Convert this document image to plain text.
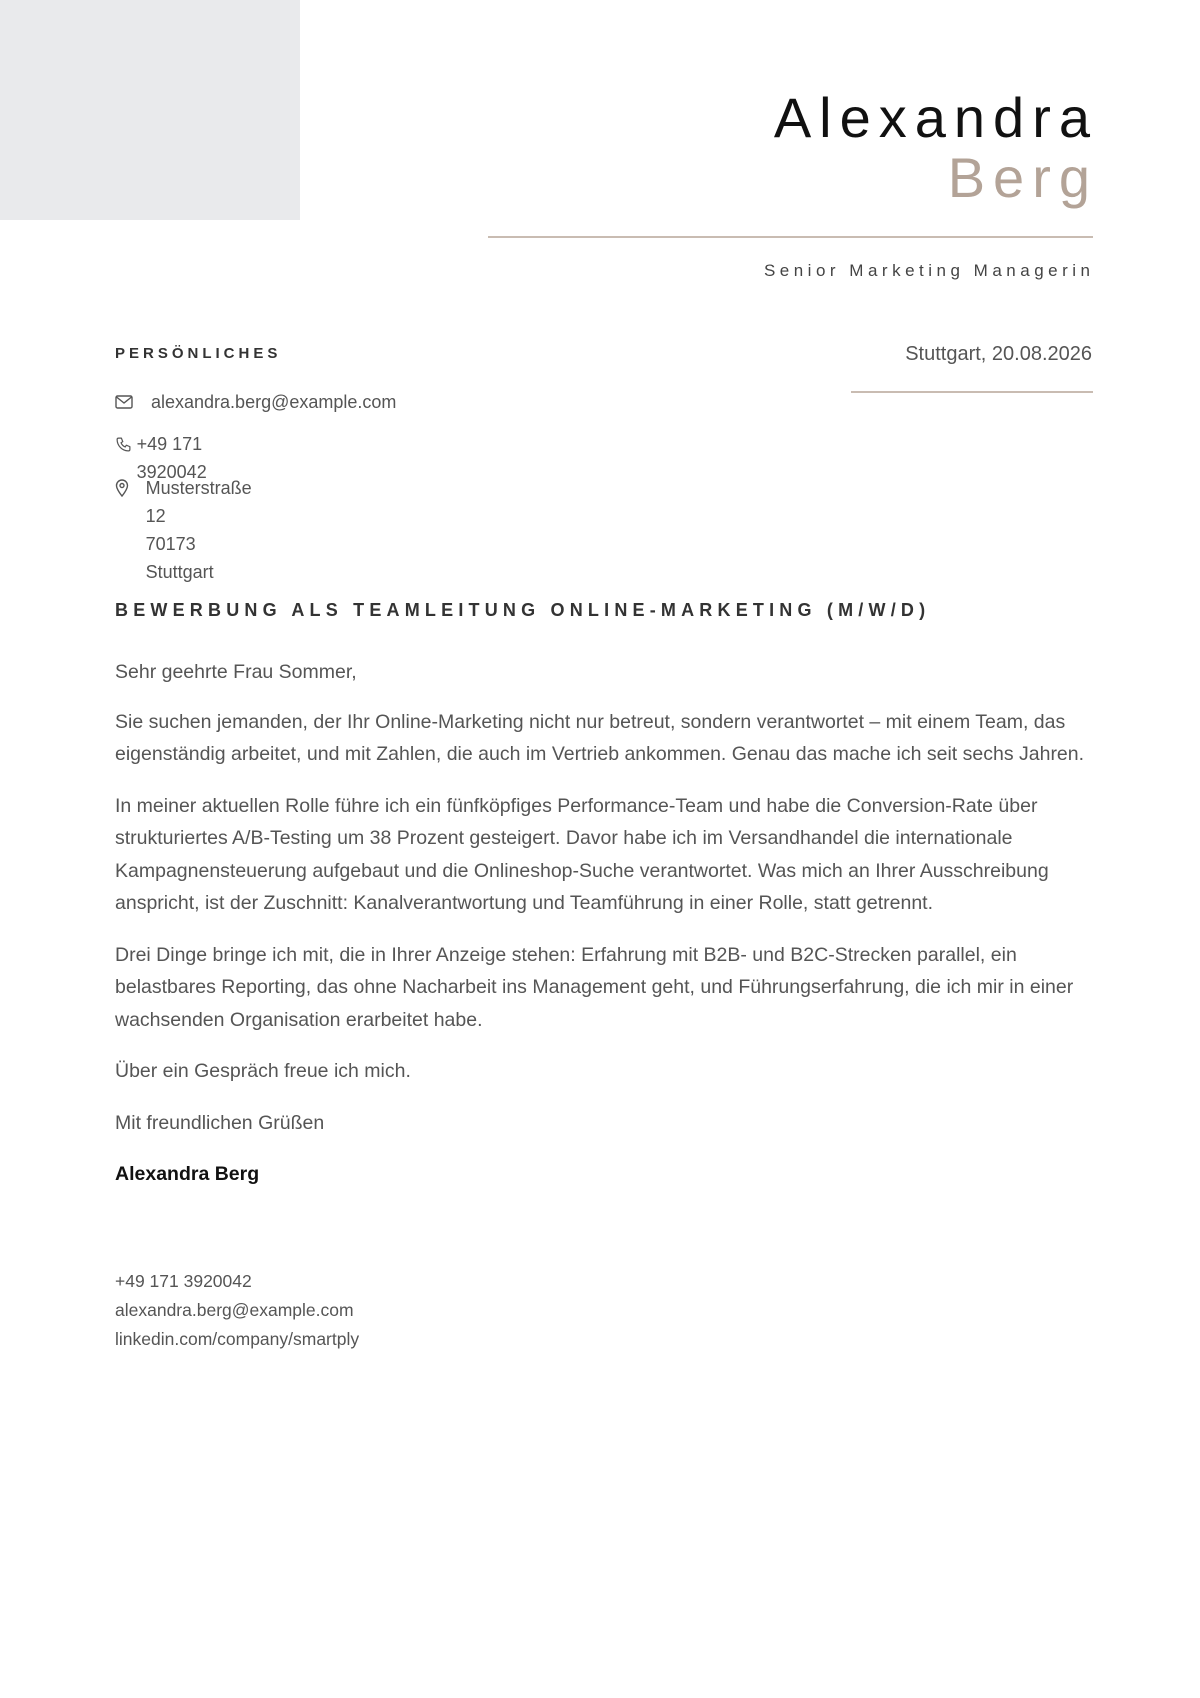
Alexandra
Berg
Senior Marketing Managerin
PERSÖNLICHES
alexandra.berg@example.com
+49 171 3920042
Musterstraße 12
70173 Stuttgart
Stuttgart, 20.08.2026
BEWERBUNG ALS TEAMLEITUNG ONLINE-MARKETING (M/W/D)

Sehr geehrte Frau Sommer,

Sie suchen jemanden, der Ihr Online-Marketing nicht nur betreut, sondern verantwortet – mit einem Team, das eigenständig arbeitet, und mit Zahlen, die auch im Vertrieb ankommen. Genau das mache ich seit sechs Jahren.

In meiner aktuellen Rolle führe ich ein fünfköpfiges Performance-Team und habe die Conversion-Rate über strukturiertes A/B-Testing um 38 Prozent gesteigert. Davor habe ich im Versandhandel die internationale Kampagnensteuerung aufgebaut und die Onlineshop-Suche verantwortet. Was mich an Ihrer Ausschreibung anspricht, ist der Zuschnitt: Kanalverantwortung und Teamführung in einer Rolle, statt getrennt.

Drei Dinge bringe ich mit, die in Ihrer Anzeige stehen: Erfahrung mit B2B- und B2C-Strecken parallel, ein belastbares Reporting, das ohne Nacharbeit ins Management geht, und Führungserfahrung, die ich mir in einer wachsenden Organisation erarbeitet habe.

Über ein Gespräch freue ich mich.

Mit freundlichen Grüßen

Alexandra Berg

+49 171 3920042
alexandra.berg@example.com
linkedin.com/company/smartply
